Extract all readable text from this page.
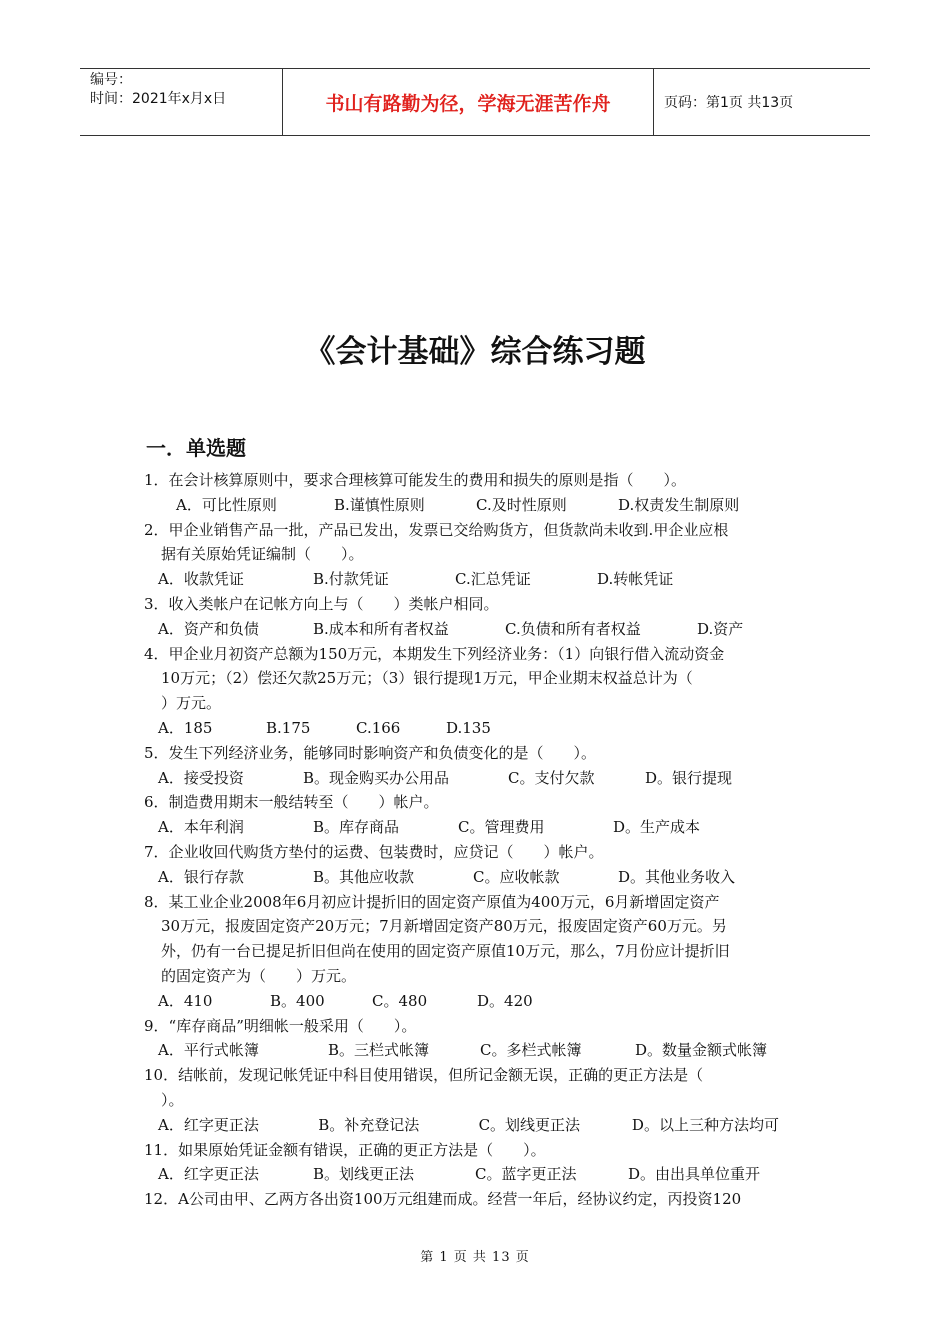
编号：
时间：2021年x月x日	书山有路勤为径，学海无涯苦作舟	页码：第1页 共13页
《会计基础》综合练习题
一．单选题
1．在会计核算原则中，要求合理核算可能发生的费用和损失的原则是指（　　）。
A．可比性原则	B.谨慎性原则	C.及时性原则	D.权责发生制原则
2．甲企业销售产品一批，产品已发出，发票已交给购货方，但货款尚未收到.甲企业应根
据有关原始凭证编制（　　）。
A．收款凭证	B.付款凭证	C.汇总凭证	D.转帐凭证
3．收入类帐户在记帐方向上与（　　）类帐户相同。
A．资产和负债	B.成本和所有者权益	C.负债和所有者权益	D.资产
4．甲企业月初资产总额为150万元，本期发生下列经济业务：（1）向银行借入流动资金
10万元；（2）偿还欠款25万元；（3）银行提现1万元，甲企业期末权益总计为（
）万元。
A．185	B.175	C.166	D.135
5．发生下列经济业务，能够同时影响资产和负债变化的是（　　）。
A．接受投资	B。现金购买办公用品	C。支付欠款	D。银行提现
6．制造费用期末一般结转至（　　）帐户。
A．本年利润	B。库存商品	C。管理费用	D。生产成本
7．企业收回代购货方垫付的运费、包装费时，应贷记（　　）帐户。
A．银行存款	B。其他应收款	C。应收帐款	D。其他业务收入
8．某工业企业2008年6月初应计提折旧的固定资产原值为400万元，6月新增固定资产
30万元，报废固定资产20万元；7月新增固定资产80万元，报废固定资产60万元。另
外，仍有一台已提足折旧但尚在使用的固定资产原值10万元，那么，7月份应计提折旧
的固定资产为（　　）万元。
A．410	B。400	C。480	D。420
9．“库存商品”明细帐一般采用（　　）。
A．平行式帐簿	B。三栏式帐簿	C。多栏式帐簿	D。数量金额式帐簿
10．结帐前，发现记帐凭证中科目使用错误，但所记金额无误，正确的更正方法是（
）。
A．红字更正法	B。补充登记法	C。划线更正法	D。以上三种方法均可
11．如果原始凭证金额有错误，正确的更正方法是（　　）。
A．红字更正法	B。划线更正法	C。蓝字更正法	D。由出具单位重开
12．A公司由甲、乙两方各出资100万元组建而成。经营一年后，经协议约定，丙投资120
第 1 页 共 13 页
